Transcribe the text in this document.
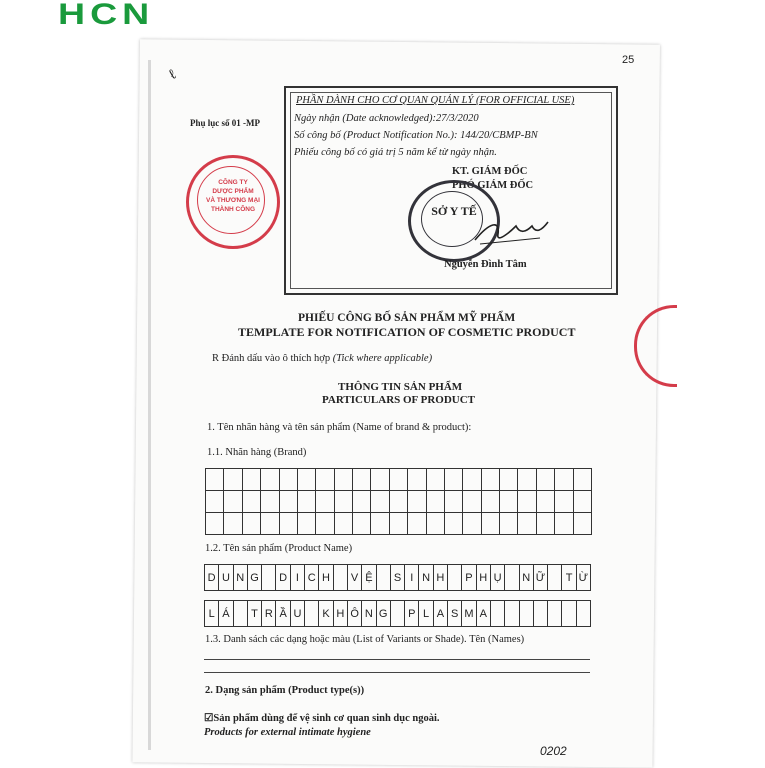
HCN
ℓ
25
Phụ lục số 01 -MP
CÔNG TY
DƯỢC PHẨM
VÀ THƯƠNG MẠI
THÀNH CÔNG
PHẦN DÀNH CHO CƠ QUAN QUẢN LÝ (FOR OFFICIAL USE)
Ngày nhận (Date acknowledged):27/3/2020
Số công bố (Product Notification No.): 144/20/CBMP-BN
Phiếu công bố có giá trị 5 năm kể từ ngày nhận.
KT. GIÁM ĐỐC
PHÓ GIÁM ĐỐC
SỞ Y TẾ
Nguyễn Đình Tâm
PHIẾU CÔNG BỐ SẢN PHẨM MỸ PHẨM
TEMPLATE FOR NOTIFICATION OF COSMETIC PRODUCT
R Đánh dấu vào ô thích hợp (Tick where applicable)
THÔNG TIN SẢN PHẨM
PARTICULARS OF PRODUCT
1. Tên nhãn hàng và tên sản phẩm (Name of brand & product):
1.1. Nhãn hàng (Brand)
1.2. Tên sản phẩm (Product Name)
D U N G	D I C H	V Ệ	S I N H	P H Ụ	N Ữ T Ừ
L Á	T R Ầ U	K H Ô N G	P L A S M A
1.3. Danh sách các dạng hoặc màu (List of Variants or Shade). Tên (Names)
2. Dạng sản phẩm (Product type(s))
☑Sản phẩm dùng để vệ sinh cơ quan sinh dục ngoài.
Products for external intimate hygiene
0202
